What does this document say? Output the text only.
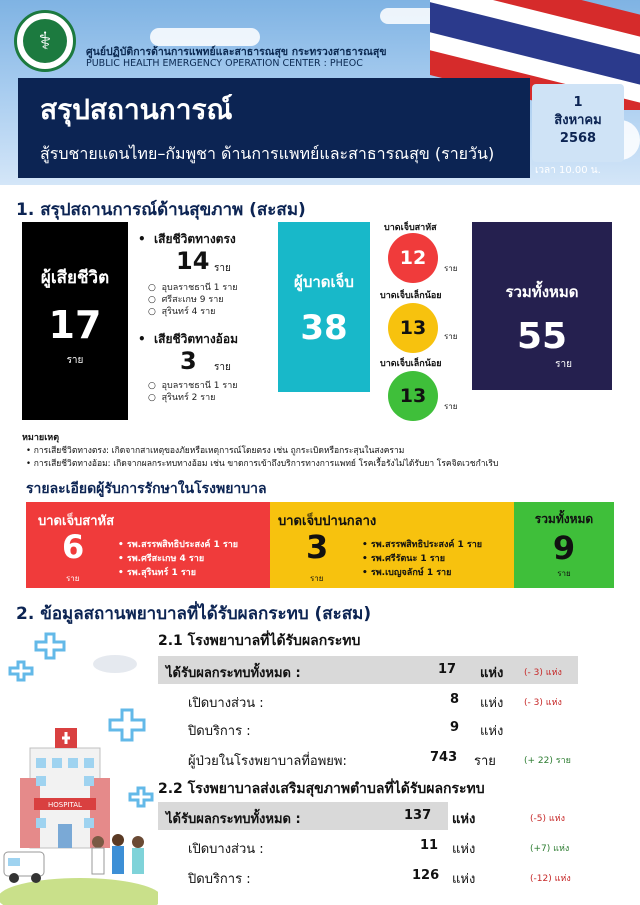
⚕	ศูนย์ปฏิบัติการด้านการแพทย์และสาธารณสุข กระทรวงสาธารณสุข
PUBLIC HEALTH EMERGENCY OPERATION CENTER : PHEOC
สรุปสถานการณ์
สู้รบชายแดนไทย–กัมพูชา ด้านการแพทย์และสาธารณสุข (รายวัน)
1
สิงหาคม
2568
เวลา 10.00 น.
1. สรุปสถานการณ์ด้านสุขภาพ (สะสม)
ผู้เสียชีวิต
17
ราย
•  เสียชีวิตทางตรง
14 ราย
○  อุบลราชธานี 1 ราย
○  ศรีสะเกษ 9 ราย
○  สุรินทร์ 4 ราย
•  เสียชีวิตทางอ้อม
3 ราย
○  อุบลราชธานี 1 ราย
○  สุรินทร์ 2 ราย
ผู้บาดเจ็บ
38
บาดเจ็บสาหัส
12	ราย
บาดเจ็บเล็กน้อย
13	ราย
บาดเจ็บเล็กน้อย
13	ราย
รวมทั้งหมด
55
ราย
หมายเหตุ
• การเสียชีวิตทางตรง: เกิดจากสาเหตุของภัยหรือเหตุการณ์โดยตรง เช่น ถูกระเบิดหรือกระสุนในสงคราม
• การเสียชีวิตทางอ้อม: เกิดจากผลกระทบทางอ้อม เช่น ขาดการเข้าถึงบริการทางการแพทย์ โรคเรื้อรังไม่ได้รับยา โรคจิตเวชกำเริบ
รายละเอียดผู้รับการรักษาในโรงพยาบาล
บาดเจ็บสาหัส
6
ราย
• รพ.สรรพสิทธิประสงค์ 1 ราย
• รพ.ศรีสะเกษ 4 ราย
• รพ.สุรินทร์ 1 ราย
บาดเจ็บปานกลาง
3
ราย
• รพ.สรรพสิทธิประสงค์ 1 ราย
• รพ.ศรีรัตนะ 1 ราย
• รพ.เบญจลักษ์ 1 ราย
รวมทั้งหมด
9
ราย
2. ข้อมูลสถานพยาบาลที่ได้รับผลกระทบ (สะสม)
2.1 โรงพยาบาลที่ได้รับผลกระทบ
ได้รับผลกระทบทั้งหมด :	17 แห่ง (- 3) แห่ง
เปิดบางส่วน :	8 แห่ง (- 3) แห่ง
ปิดบริการ :	9 แห่ง
ผู้ป่วยในโรงพยาบาลที่อพยพ:	743 ราย	(+ 22) ราย
2.2 โรงพยาบาลส่งเสริมสุขภาพตำบลที่ได้รับผลกระทบ
ได้รับผลกระทบทั้งหมด :	137 แห่ง	(-5) แห่ง
เปิดบางส่วน :	11 แห่ง	(+7) แห่ง
ปิดบริการ :	126 แห่ง	(-12) แห่ง
HOSPITAL
